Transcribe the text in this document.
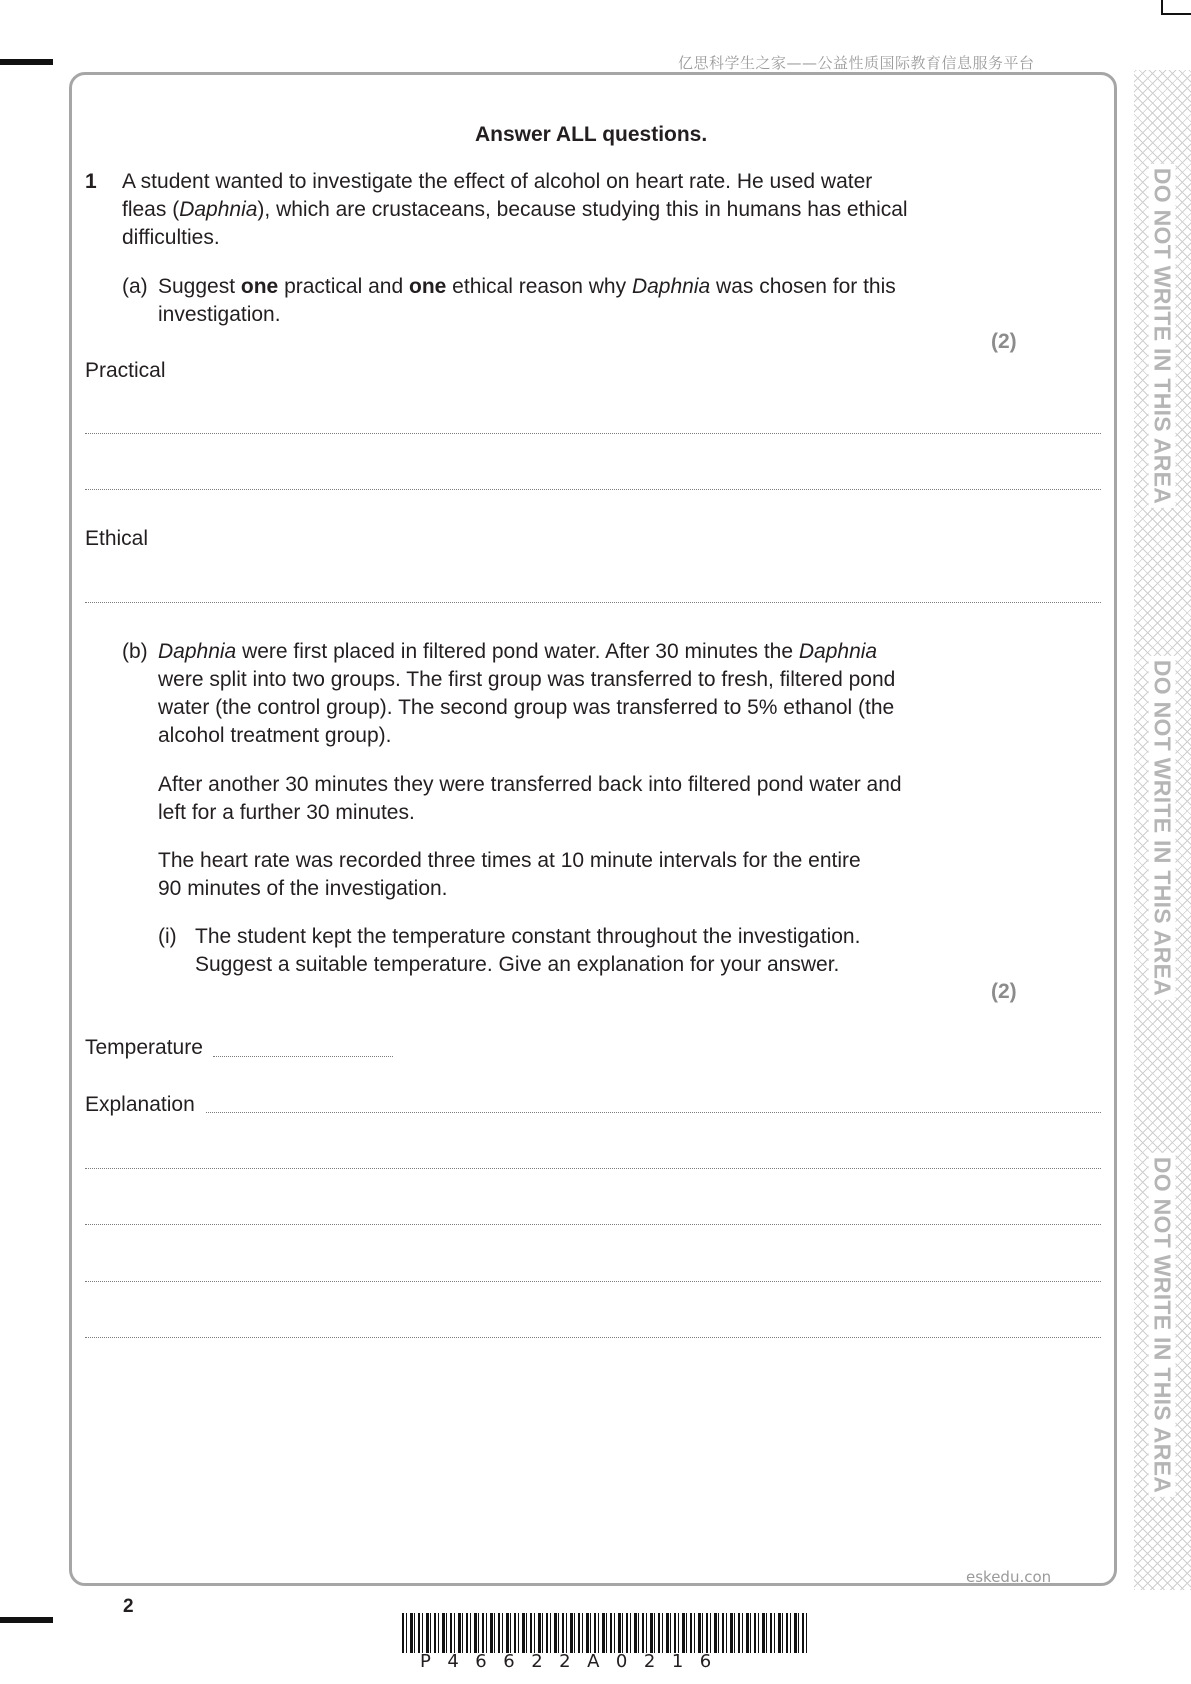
亿思科学生之家——公益性质国际教育信息服务平台
DO NOT WRITE IN THIS AREA
DO NOT WRITE IN THIS AREA
DO NOT WRITE IN THIS AREA
Answer ALL questions.
1 A student wanted to investigate the effect of alcohol on heart rate. He used water
fleas (Daphnia), which are crustaceans, because studying this in humans has ethical
difficulties.
(a) Suggest one practical and one ethical reason why Daphnia was chosen for this
investigation.
(2)
Practical
Ethical
(b) Daphnia were first placed in filtered pond water. After 30 minutes the Daphnia
were split into two groups. The first group was transferred to fresh, filtered pond
water (the control group). The second group was transferred to 5% ethanol (the
alcohol treatment group).
After another 30 minutes they were transferred back into filtered pond water and
left for a further 30 minutes.
The heart rate was recorded three times at 10 minute intervals for the entire
90 minutes of the investigation.
(i) The student kept the temperature constant throughout the investigation.
Suggest a suitable temperature. Give an explanation for your answer.
(2)
Temperature
Explanation
eskedu.con
2
P46622A0216
